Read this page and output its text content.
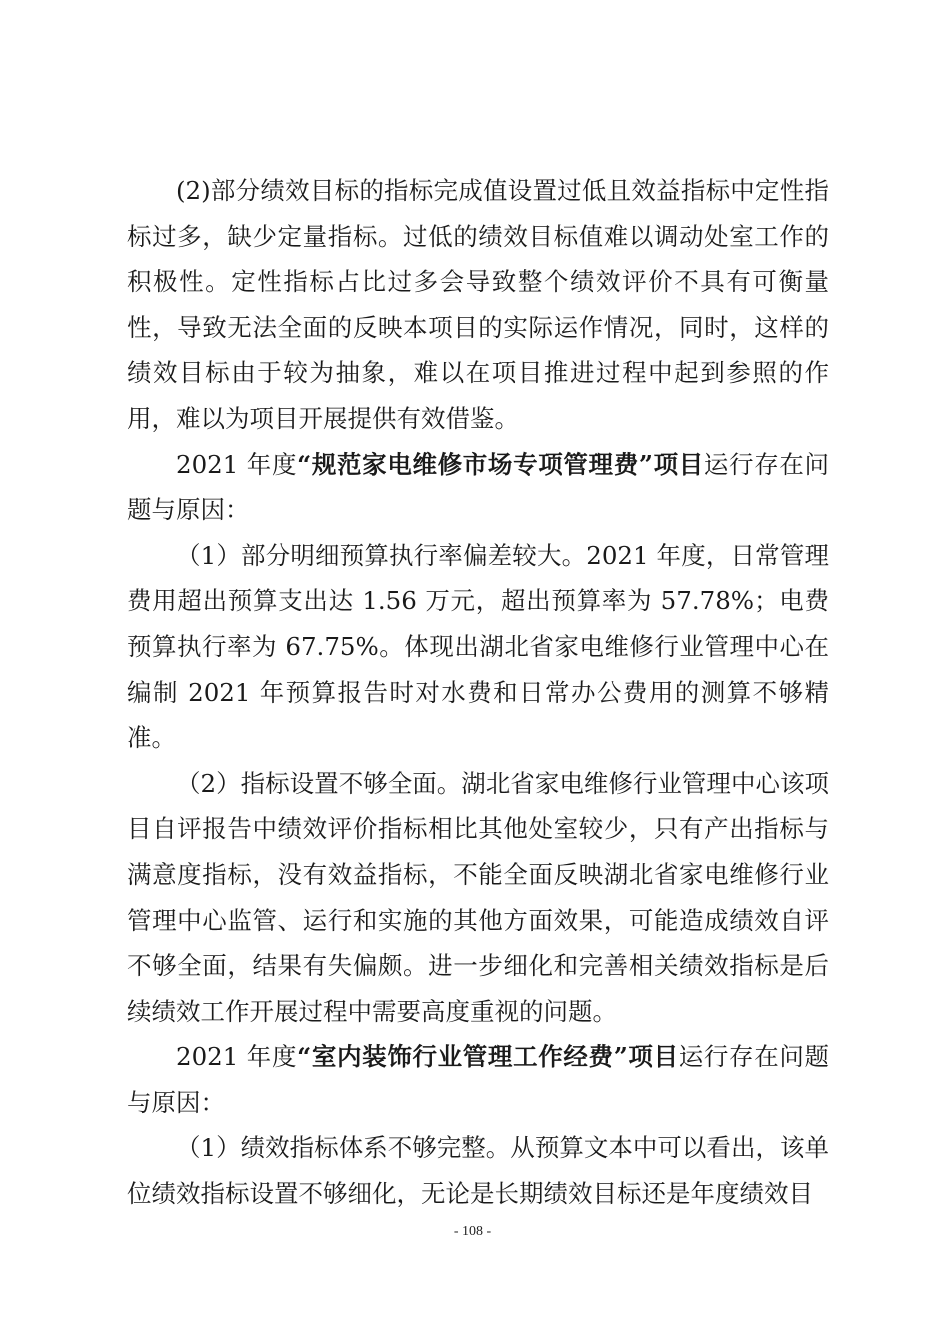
(2)部分绩效目标的指标完成值设置过低且效益指标中定性指标过多，缺少定量指标。过低的绩效目标值难以调动处室工作的积极性。定性指标占比过多会导致整个绩效评价不具有可衡量性，导致无法全面的反映本项目的实际运作情况，同时，这样的绩效目标由于较为抽象，难以在项目推进过程中起到参照的作用，难以为项目开展提供有效借鉴。

2021 年度“规范家电维修市场专项管理费”项目运行存在问题与原因：

（1）部分明细预算执行率偏差较大。2021 年度，日常管理费用超出预算支出达 1.56 万元，超出预算率为 57.78%；电费预算执行率为 67.75%。体现出湖北省家电维修行业管理中心在编制 2021 年预算报告时对水费和日常办公费用的测算不够精准。

（2）指标设置不够全面。湖北省家电维修行业管理中心该项目自评报告中绩效评价指标相比其他处室较少，只有产出指标与满意度指标，没有效益指标，不能全面反映湖北省家电维修行业管理中心监管、运行和实施的其他方面效果，可能造成绩效自评不够全面，结果有失偏颇。进一步细化和完善相关绩效指标是后续绩效工作开展过程中需要高度重视的问题。

2021 年度“室内装饰行业管理工作经费”项目运行存在问题与原因：

（1）绩效指标体系不够完整。从预算文本中可以看出，该单位绩效指标设置不够细化，无论是长期绩效目标还是年度绩效目

- 108 -
